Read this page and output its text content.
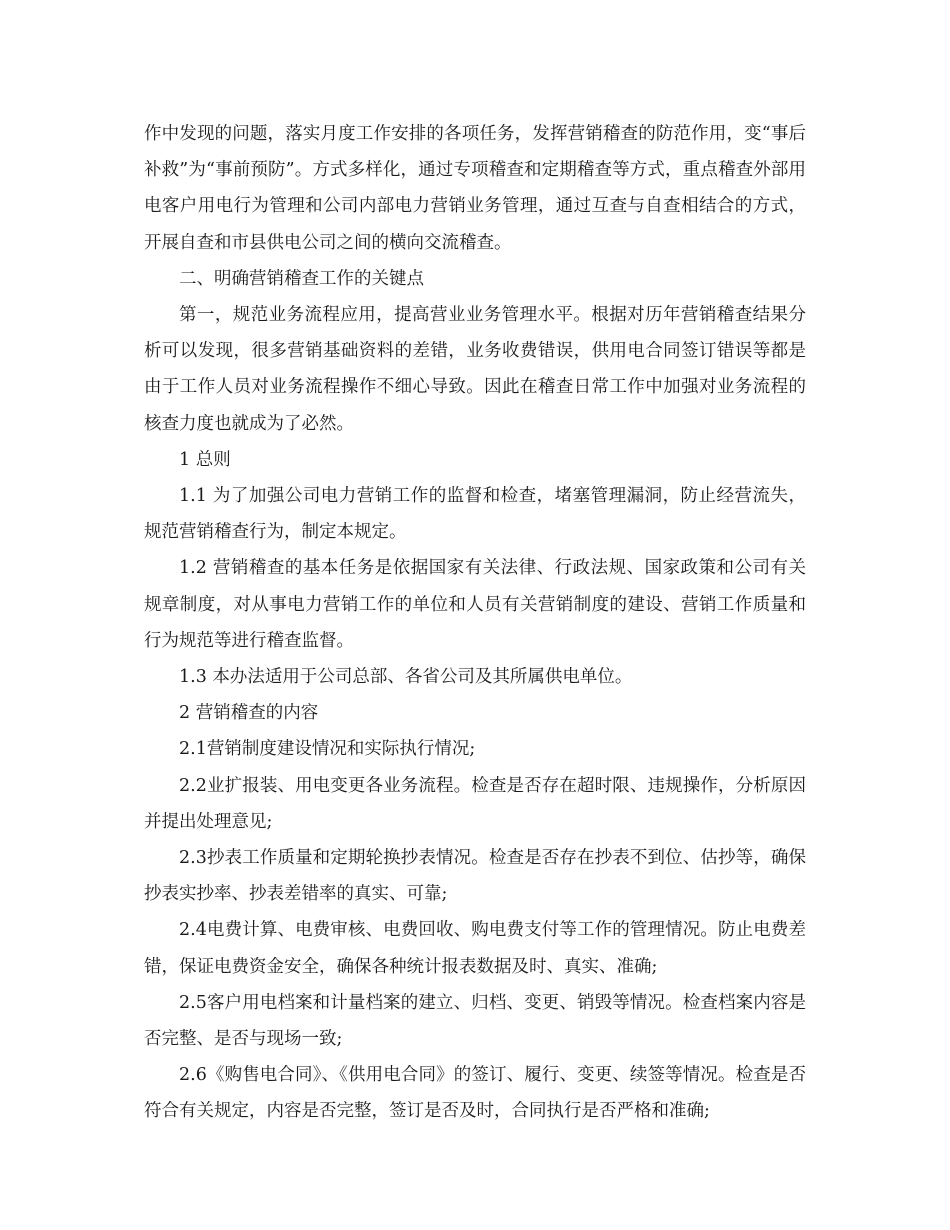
作中发现的问题，落实月度工作安排的各项任务，发挥营销稽查的防范作用，变“事后补救”为“事前预防”。方式多样化，通过专项稽查和定期稽查等方式，重点稽查外部用电客户用电行为管理和公司内部电力营销业务管理，通过互查与自查相结合的方式，开展自查和市县供电公司之间的横向交流稽查。

二、明确营销稽查工作的关键点

第一，规范业务流程应用，提高营业业务管理水平。根据对历年营销稽查结果分析可以发现，很多营销基础资料的差错，业务收费错误，供用电合同签订错误等都是由于工作人员对业务流程操作不细心导致。因此在稽查日常工作中加强对业务流程的核查力度也就成为了必然。

1 总则

1.1 为了加强公司电力营销工作的监督和检查，堵塞管理漏洞，防止经营流失，规范营销稽查行为，制定本规定。

1.2 营销稽查的基本任务是依据国家有关法律、行政法规、国家政策和公司有关规章制度，对从事电力营销工作的单位和人员有关营销制度的建设、营销工作质量和行为规范等进行稽查监督。

1.3 本办法适用于公司总部、各省公司及其所属供电单位。

2 营销稽查的内容

2.1营销制度建设情况和实际执行情况;

2.2业扩报装、用电变更各业务流程。检查是否存在超时限、违规操作，分析原因并提出处理意见;

2.3抄表工作质量和定期轮换抄表情况。检查是否存在抄表不到位、估抄等，确保抄表实抄率、抄表差错率的真实、可靠;

2.4电费计算、电费审核、电费回收、购电费支付等工作的管理情况。防止电费差错，保证电费资金安全，确保各种统计报表数据及时、真实、准确;

2.5客户用电档案和计量档案的建立、归档、变更、销毁等情况。检查档案内容是否完整、是否与现场一致;

2.6《购售电合同》、《供用电合同》的签订、履行、变更、续签等情况。检查是否符合有关规定，内容是否完整，签订是否及时，合同执行是否严格和准确;
